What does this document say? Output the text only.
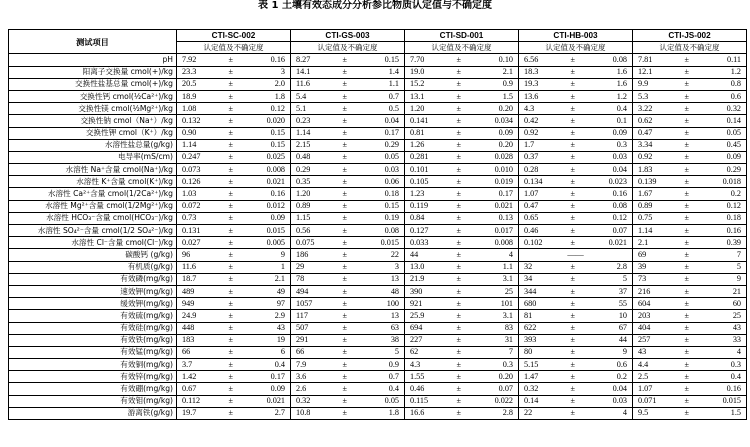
表 1 土壤有效态成分分析参比物质认定值与不确定度
测试项目	CTI-SC-002	CTI-GS-003	CTI-SD-001	CTI-HB-003	CTI-JS-002
	认定值及不确定度	认定值及不确定度	认定值及不确定度	认定值及不确定度	认定值及不确定度
pH	7.92 ± 0.16	8.27 ± 0.15	7.70 ± 0.10	6.56 ± 0.08	7.81 ± 0.11

阳离子交换量 cmol(+)/kg	23.3 ± 3	14.1 ± 1.4	19.0 ± 2.1	18.3 ± 1.6	12.1 ± 1.2

交换性盐基总量 cmol(+)/kg	20.5 ± 2.0	11.6 ± 1.1	15.2 ± 0.9	19.3 ± 1.6	9.9 ± 0.8

交换性钙 cmol(½Ca²⁺)/kg	18.9 ± 1.8	5.4 ± 0.7	13.1 ± 1.5	13.6 ± 1.2	5.3 ± 0.6

交换性镁 cmol(½Mg²⁺)/kg	1.08 ± 0.12	5.1 ± 0.5	1.20 ± 0.20	4.3 ± 0.4	3.22 ± 0.32

交换性钠 cmol（Na⁺）/kg	0.132 ± 0.020	0.23 ± 0.04	0.141 ± 0.034	0.42 ± 0.1	0.62 ± 0.14

交换性钾 cmol（K⁺）/kg	0.90 ± 0.15	1.14 ± 0.17	0.81 ± 0.09	0.92 ± 0.09	0.47 ± 0.05

水溶性盐总量(g/kg)	1.14 ± 0.15	2.15 ± 0.29	1.26 ± 0.20	1.7 ± 0.3	3.34 ± 0.45

电导率(mS/cm)	0.247 ± 0.025	0.48 ± 0.05	0.281 ± 0.028	0.37 ± 0.03	0.92 ± 0.09

水溶性 Na⁺含量 cmol(Na⁺)/kg	0.073 ± 0.008	0.29 ± 0.03	0.101 ± 0.010	0.28 ± 0.04	1.83 ± 0.29

水溶性 K⁺含量 cmol(K⁺)/kg	0.126 ± 0.021	0.35 ± 0.06	0.105 ± 0.019	0.134 ± 0.023	0.139 ± 0.018

水溶性 Ca²⁺含量 cmol(1/2Ca²⁺)/kg	1.03 ± 0.16	1.20 ± 0.18	1.23 ± 0.17	1.07 ± 0.16	1.67 ± 0.2

水溶性 Mg²⁺含量 cmol(1/2Mg²⁺)/kg	0.072 ± 0.012	0.89 ± 0.15	0.119 ± 0.021	0.47 ± 0.08	0.89 ± 0.12

水溶性 HCO₃⁻含量 cmol(HCO₃⁻)/kg	0.73 ± 0.09	1.15 ± 0.19	0.84 ± 0.13	0.65 ± 0.12	0.75 ± 0.18

水溶性 SO₄²⁻含量 cmol(1/2 SO₄²⁻)/kg	0.131 ± 0.015	0.56 ± 0.08	0.127 ± 0.017	0.46 ± 0.07	1.14 ± 0.16

水溶性 Cl⁻含量 cmol(Cl⁻)/kg	0.027 ± 0.005	0.075 ± 0.015	0.033 ± 0.008	0.102 ± 0.021	2.1 ± 0.39

碳酸钙 (g/kg)	96 ± 9	186 ± 22	44 ± 4	——	69 ± 7

有机质(g/kg)	11.6 ± 1	29 ± 3	13.0 ± 1.1	32 ± 2.8	39 ± 5

有效磷(mg/kg)	18.7 ± 2.1	78 ± 13	21.9 ± 3.1	34 ± 5	73 ± 9

速效钾(mg/kg)	489 ± 49	494 ± 48	390 ± 25	344 ± 37	216 ± 21

缓效钾(mg/kg)	949 ± 97	1057 ± 100	921 ± 101	680 ± 55	604 ± 60

有效硫(mg/kg)	24.9 ± 2.9	117 ± 13	25.9 ± 3.1	81 ± 10	203 ± 25

有效硅(mg/kg)	448 ± 43	507 ± 63	694 ± 83	622 ± 67	404 ± 43

有效铁(mg/kg)	183 ± 19	291 ± 38	227 ± 31	393 ± 44	257 ± 33

有效锰(mg/kg)	66 ± 6	66 ± 5	62 ± 7	80 ± 9	43 ± 4

有效铜(mg/kg)	3.7 ± 0.4	7.9 ± 0.9	4.3 ± 0.3	5.15 ± 0.6	4.4 ± 0.3

有效锌(mg/kg)	1.42 ± 0.17	3.6 ± 0.7	1.55 ± 0.20	1.47 ± 0.2	2.5 ± 0.4

有效硼(mg/kg)	0.67 ± 0.09	2.6 ± 0.4	0.46 ± 0.07	0.32 ± 0.04	1.07 ± 0.16

有效钼(mg/kg)	0.112 ± 0.021	0.32 ± 0.05	0.115 ± 0.022	0.14 ± 0.03	0.071 ± 0.015

游离铁(g/kg)	19.7 ± 2.7	10.8 ± 1.8	16.6 ± 2.8	22 ± 4	9.5 ± 1.5
